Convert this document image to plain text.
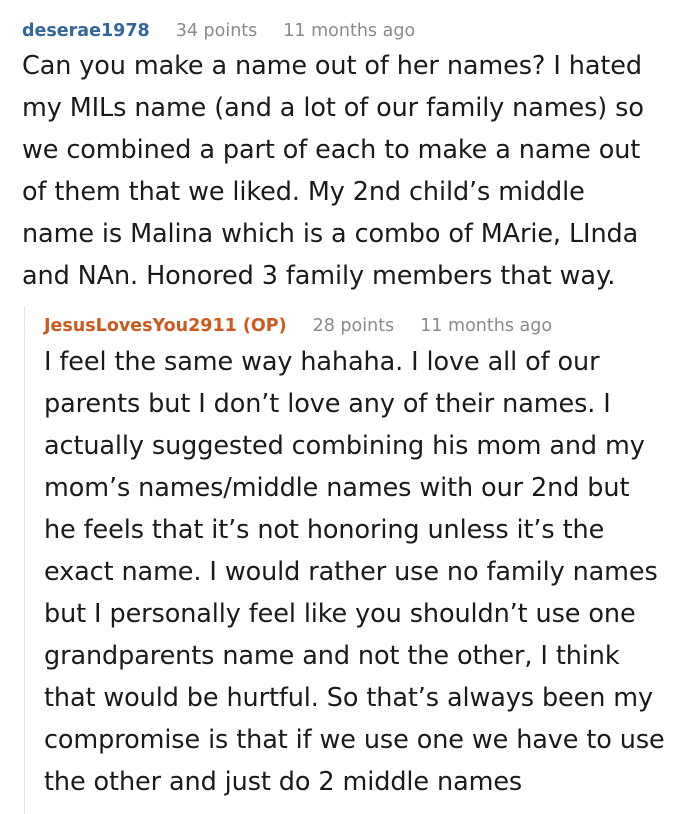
deserae1978 34 points 11 months ago

Can you make a name out of her names? I hated
my MILs name (and a lot of our family names) so
we combined a part of each to make a name out
of them that we liked. My 2nd child’s middle
name is Malina which is a combo of MArie, LInda
and NAn. Honored 3 family members that way.

JesusLovesYou2911 (OP) 28 points 11 months ago

I feel the same way hahaha. I love all of our
parents but I don’t love any of their names. I
actually suggested combining his mom and my
mom’s names/middle names with our 2nd but
he feels that it’s not honoring unless it’s the
exact name. I would rather use no family names
but I personally feel like you shouldn’t use one
grandparents name and not the other, I think
that would be hurtful. So that’s always been my
compromise is that if we use one we have to use
the other and just do 2 middle names
